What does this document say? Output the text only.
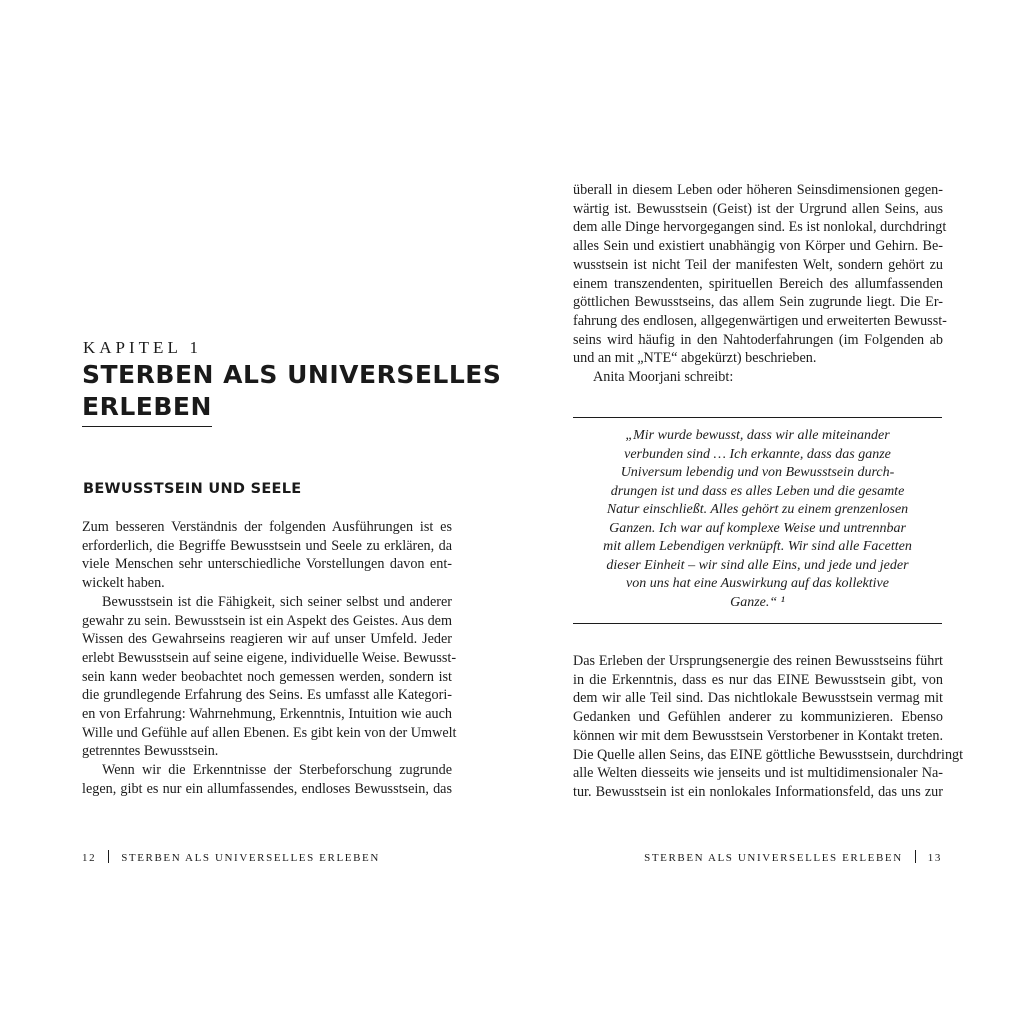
KAPITEL 1
STERBEN ALS UNIVERSELLES
ERLEBEN
BEWUSSTSEIN UND SEELE
Zum besseren Verständnis der folgenden Ausführungen ist es
erforderlich, die Begriffe Bewusstsein und Seele zu erklären, da
viele Menschen sehr unterschiedliche Vorstellungen davon ent-
wickelt haben.
Bewusstsein ist die Fähigkeit, sich seiner selbst und anderer
gewahr zu sein. Bewusstsein ist ein Aspekt des Geistes. Aus dem
Wissen des Gewahrseins reagieren wir auf unser Umfeld. Jeder
erlebt Bewusstsein auf seine eigene, individuelle Weise. Bewusst-
sein kann weder beobachtet noch gemessen werden, sondern ist
die grundlegende Erfahrung des Seins. Es umfasst alle Kategori-
en von Erfahrung: Wahrnehmung, Erkenntnis, Intuition wie auch
Wille und Gefühle auf allen Ebenen. Es gibt kein von der Umwelt
getrenntes Bewusstsein.
Wenn wir die Erkenntnisse der Sterbeforschung zugrunde
legen, gibt es nur ein allumfassendes, endloses Bewusstsein, das
12 STERBEN ALS UNIVERSELLES ERLEBEN
überall in diesem Leben oder höheren Seinsdimensionen gegen-
wärtig ist. Bewusstsein (Geist) ist der Urgrund allen Seins, aus
dem alle Dinge hervorgegangen sind. Es ist nonlokal, durchdringt
alles Sein und existiert unabhängig von Körper und Gehirn. Be-
wusstsein ist nicht Teil der manifesten Welt, sondern gehört zu
einem transzendenten, spirituellen Bereich des allumfassenden
göttlichen Bewusstseins, das allem Sein zugrunde liegt. Die Er-
fahrung des endlosen, allgegenwärtigen und erweiterten Bewusst-
seins wird häufig in den Nahtoderfahrungen (im Folgenden ab
und an mit „NTE“ abgekürzt) beschrieben.
Anita Moorjani schreibt:
„Mir wurde bewusst, dass wir alle miteinander
verbunden sind … Ich erkannte, dass das ganze
Universum lebendig und von Bewusstsein durch-
drungen ist und dass es alles Leben und die gesamte
Natur einschließt. Alles gehört zu einem grenzenlosen
Ganzen. Ich war auf komplexe Weise und untrennbar
mit allem Lebendigen verknüpft. Wir sind alle Facetten
dieser Einheit – wir sind alle Eins, und jede und jeder
von uns hat eine Auswirkung auf das kollektive
Ganze.“ ¹
Das Erleben der Ursprungsenergie des reinen Bewusstseins führt
in die Erkenntnis, dass es nur das EINE Bewusstsein gibt, von
dem wir alle Teil sind. Das nichtlokale Bewusstsein vermag mit
Gedanken und Gefühlen anderer zu kommunizieren. Ebenso
können wir mit dem Bewusstsein Verstorbener in Kontakt treten.
Die Quelle allen Seins, das EINE göttliche Bewusstsein, durchdringt
alle Welten diesseits wie jenseits und ist multidimensionaler Na-
tur. Bewusstsein ist ein nonlokales Informationsfeld, das uns zur
STERBEN ALS UNIVERSELLES ERLEBEN 13
